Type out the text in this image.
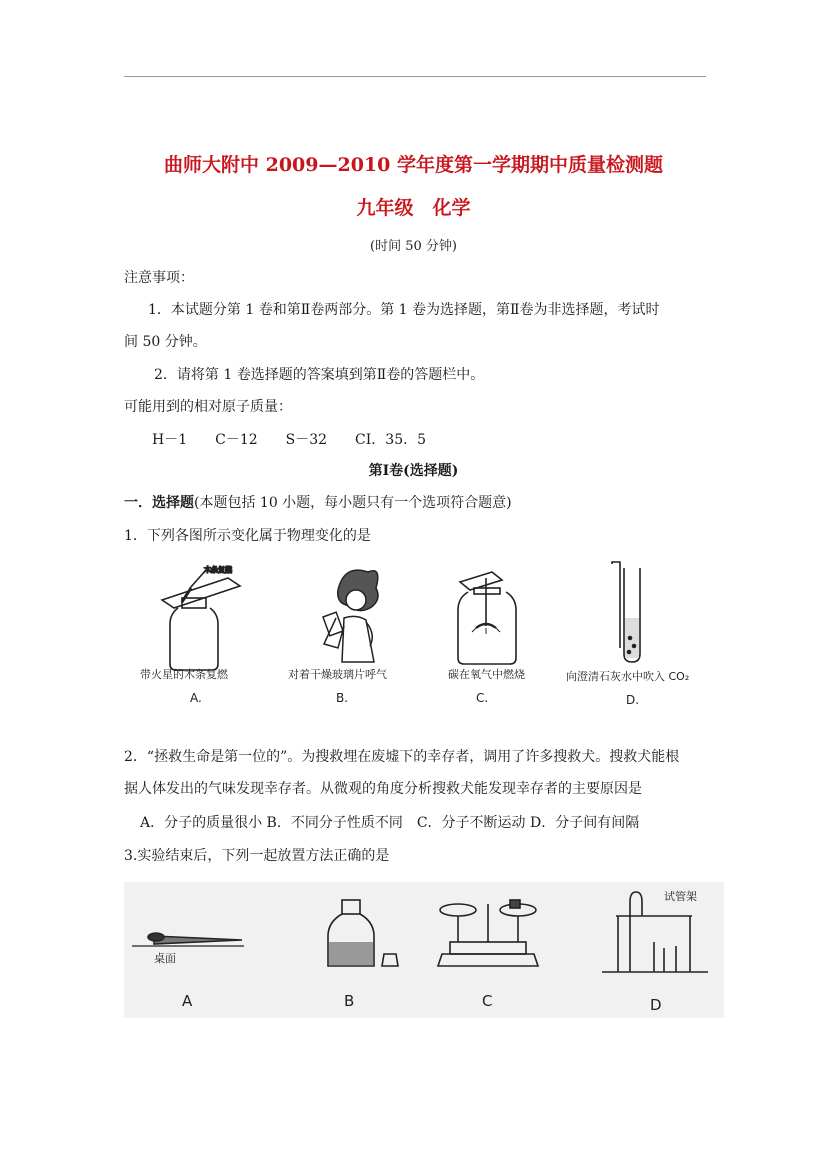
曲师大附中 2009—2010 学年度第一学期期中质量检测题
九年级　化学
(时间 50 分钟)
注意事项：
1．本试题分第 1 卷和第Ⅱ卷两部分。第 1 卷为选择题，第Ⅱ卷为非选择题，考试时
间 50 分钟。
2．请将第 1 卷选择题的答案填到第Ⅱ卷的答题栏中。
可能用到的相对原子质量：
H－1　　C－12　　S－32　　CI．35．5
第Ⅰ卷(选择题)
一．选择题(本题包括 10 小题，每小题只有一个选项符合题意)
1．下列各图所示变化属于物理变化的是
木条复燃
带火星的木条复燃
A.
对着干燥玻璃片呼气
B.
碳在氧气中燃烧
C.
向澄清石灰水中吹入 CO₂
D.
2．“拯救生命是第一位的”。为搜救埋在废墟下的幸存者，调用了许多搜救犬。搜救犬能根
据人体发出的气味发现幸存者。从微观的角度分析搜救犬能发现幸存者的主要原因是
A．分子的质量很小 B．不同分子性质不同　C．分子不断运动 D．分子间有间隔
3.实验结束后，下列一起放置方法正确的是
桌面
A	B	C
试管架
D
